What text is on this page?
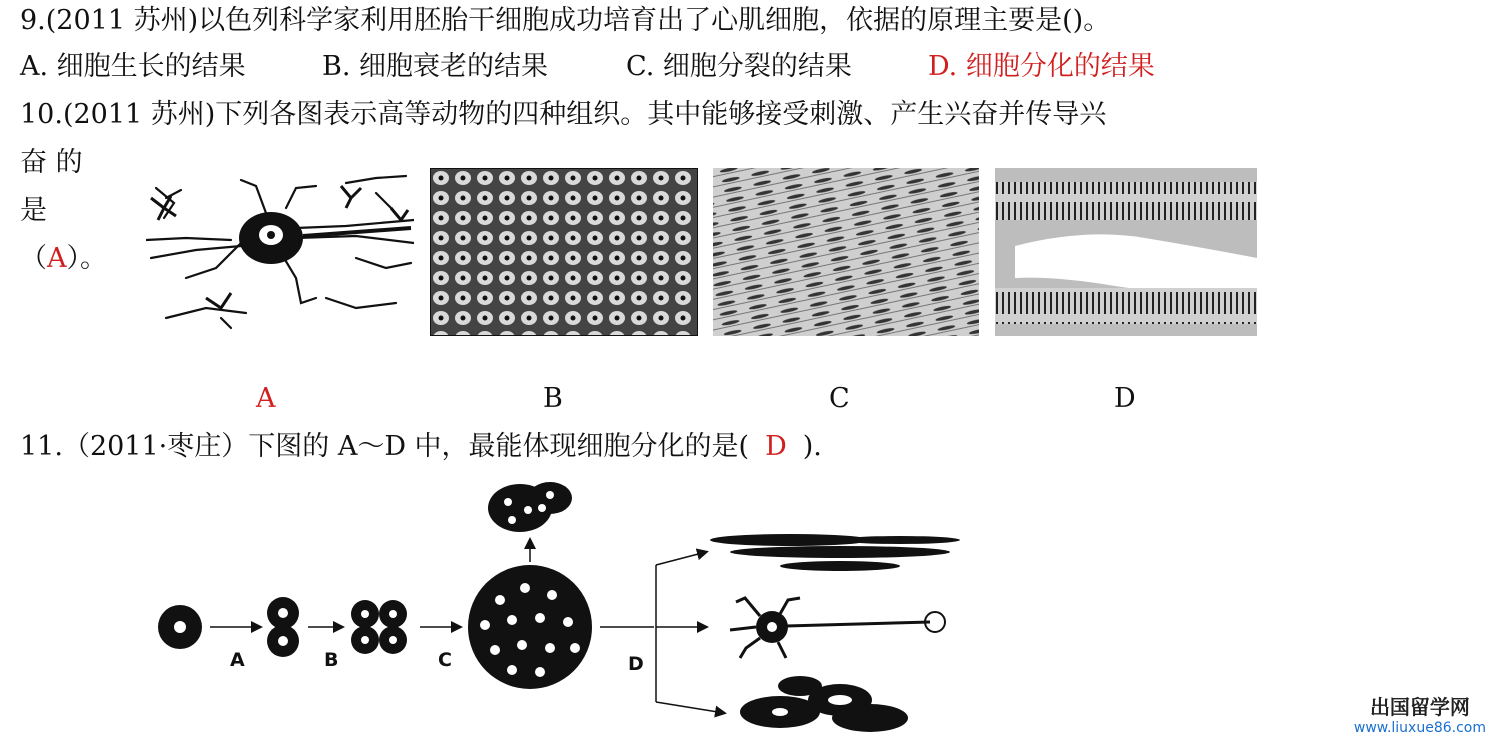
9.(2011 苏州)以色列科学家利用胚胎干细胞成功培育出了心肌细胞，依据的原理主要是()。
A. 细胞生长的结果	B. 细胞衰老的结果	C. 细胞分裂的结果	D. 细胞分化的结果
10.(2011 苏州)下列各图表示高等动物的四种组织。其中能够接受刺激、产生兴奋并传导兴
奋 的
是
（A）。
A	B	C	D
11.（2011·枣庄）下图的 A～D 中，最能体现细胞分化的是( D ).
A	B	C	D
出国留学网
www.liuxue86.com
